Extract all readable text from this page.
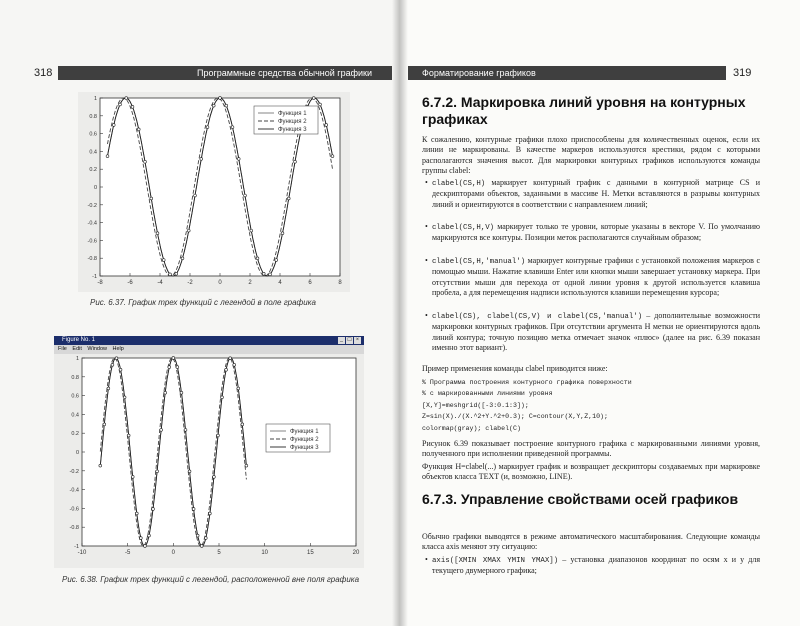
318	Программные средства обычной графики	Форматирование графиков	319
-8	-6	-4	-2	0	2	4	6	8
1
0.8
0.6
0.4
0.2
0
-0.2
-0.4
-0.6
-0.8
-1
Функция 1
Функция 2
Функция 3
Рис. 6.37. График трех функций с легендой в поле графика
Figure No. 1	_ □ ×
File Edit Window Help
-10	-5	0	5	10	15	20
1
0.8
0.6
0.4
0.2
0
-0.2
-0.4
-0.6
-0.8
-1
Функция 1
Функция 2
Функция 3
Рис. 6.38. График трех функций с легендой, расположенной вне поля графика
6.7.2. Маркировка линий уровня на контурных графиках
К сожалению, контурные графики плохо приспособлены для количественных оценок, если их линии не маркированы. В качестве маркеров используются крестики, рядом с которыми располагаются значения высот. Для маркировки контурных графиков используются команды группы clabel:
• clabel(CS,H) маркирует контурный график с данными в контурной матрице CS и дескрипторами объектов, заданными в массиве H. Метки вставляются в разрывы контурных линий и ориентируются в соответствии с направлением линий;
• clabel(CS,H,V) маркирует только те уровни, которые указаны в векторе V. По умолчанию маркируются все контуры. Позиции меток располагаются случайным образом;
• clabel(CS,H,'manual') маркирует контурные графики с установкой положения маркеров с помощью мыши. Нажатие клавиши Enter или кнопки мыши завершает установку маркера. При отсутствии мыши для перехода от одной линии уровня к другой используется клавиша пробела, а для перемещения надписи используются клавиши перемещения курсора;
• clabel(CS), clabel(CS,V) и clabel(CS,'manual') – дополнительные возможности маркировки контурных графиков. При отсутствии аргумента H метки не ориентируются вдоль линий контура; точную позицию метка отмечает значок «плюс» (далее на рис. 6.39 показан именно этот вариант).
Пример применения команды clabel приводится ниже:
% Программа построения контурного графика поверхности
% с маркированными линиями уровня
[X,Y]=meshgrid([-3:0.1:3]);
Z=sin(X)./(X.^2+Y.^2+0.3); C=contour(X,Y,Z,10);
colormap(gray); clabel(C)
Рисунок 6.39 показывает построение контурного графика с маркированными линиями уровня, полученного при исполнении приведенной программы.
Функция H=clabel(...) маркирует график и возвращает дескрипторы создаваемых при маркировке объектов класса TEXT (и, возможно, LINE).
6.7.3. Управление свойствами осей графиков
Обычно графики выводятся в режиме автоматического масштабирования. Следующие команды класса axis меняют эту ситуацию:
• axis([XMIN XMAX YMIN YMAX]) – установка диапазонов координат по осям x и y для текущего двумерного графика;
